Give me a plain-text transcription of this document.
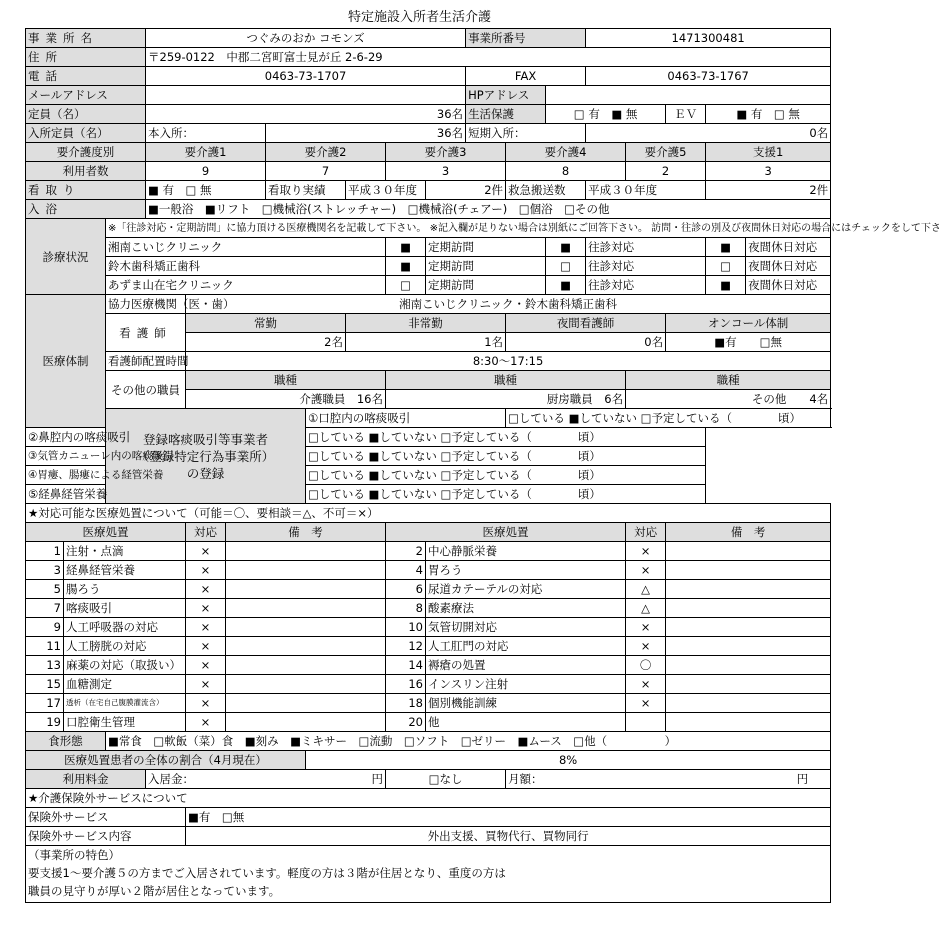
特定施設入所者生活介護
事業所名			つぐみのおか コモンズ								事業所番号			1471300481				
住所			〒259-0122　中郡二宮町富士見が丘 2-6-29															
電話			0463-73-1707								FAX			0463-73-1767				
メールアドレス											HPアドレス							
定員（名）			36名								生活保護		□ 有　■ 無			ＥＶ	■ 有　□ 無	
入所定員（名）			本入所：			36名					短期入所：			0名				
要介護度別			要介護1			要介護2			要介護3			要介護4			要介護5		支援1	
利用者数			9			7			3			8			2		3	
看取り			■ 有　□ 無			看取り実績		平成３０年度		2件		救急搬送数		平成３０年度			2件	
入浴			■一般浴　■リフト　□機械浴(ストレッチャー)　□機械浴(チェアー)　□個浴　□その他															
診療状況		※「往診対応・定期訪問」に協力頂ける医療機関名を記載して下さい。 ※記入欄が足りない場合は別紙にご回答下さい。 訪問・往診の別及び夜間休日対応の場合にはチェックをして下さ																
		湘南こいじクリニック							■	定期訪問			■	往診対応			■	夜間休日対応
		鈴木歯科矯正歯科							■	定期訪問			□	往診対応			□	夜間休日対応
		あずま山在宅クリニック							□	定期訪問			■	往診対応			■	夜間休日対応
医療体制		協力医療機関（医・歯）		湘南こいじクリニック・鈴木歯科矯正歯科														
		看護師		常勤				非常勤				夜間看護師				オンコール体制		
				2名				1名				0名				■有　　□無		
		看護師配置時間		8:30～17:15														
		その他の職員		職種					職種						職種			
				介護職員　 16名					厨房職員　 6名						その他　　 4名			
		登録喀痰吸引等事業者
（登録特定行為事業所）
の登録					①口腔内の喀痰吸引					□している ■していない □予定している（　　　　頃）						
②鼻腔内の喀痰吸引							□している ■していない □予定している（　　　　頃）											
③気管カニューレ内の喀痰吸引							□している ■していない □予定している（　　　　頃）											
④胃瘻、腸瘻による経管栄養							□している ■していない □予定している（　　　　頃）											
⑤経鼻経管栄養							□している ■していない □予定している（　　　　頃）											
★対応可能な医療処置について（可能＝〇、要相談＝△、不可＝×）																		
医療処置				対応	備　考				医療処置						対応	備　考		
1	注射・点滴			×					2	中心静脈栄養					×			
3	経鼻経管栄養			×					4	胃ろう					×			
5	腸ろう			×					6	尿道カテーテルの対応					△			
7	喀痰吸引			×					8	酸素療法					△			
9	人工呼吸器の対応			×					10	気管切開対応					×			
11	人工膀胱の対応			×					12	人工肛門の対応					×			
13	麻薬の対応（取扱い）			×					14	褥瘡の処置					〇			
15	血糖測定			×					16	インスリン注射					×			
17	透析（在宅自己腹膜灌流含）			×					18	個別機能訓練					×			
19	口腔衛生管理			×					20	他								
食形態		■常食　□軟飯（菜）食　■刻み　■ミキサー　□流動　□ソフト　□ゼリー　■ムース　□他（　　　　　）																
医療処置患者の全体の割合（4月現在）							8%											
利用料金			入居金： 円						□なし			月額： 円						

★介護保険外サービスについて																		
保険外サービス				■有　□無														
保険外サービス内容				外出支援、買物代行、買物同行														

（事業所の特色）
要支援1～要介護５の方までご入居されています。軽度の方は３階が住居となり、重度の方は
職員の見守りが厚い２階が居住となっています。																		
